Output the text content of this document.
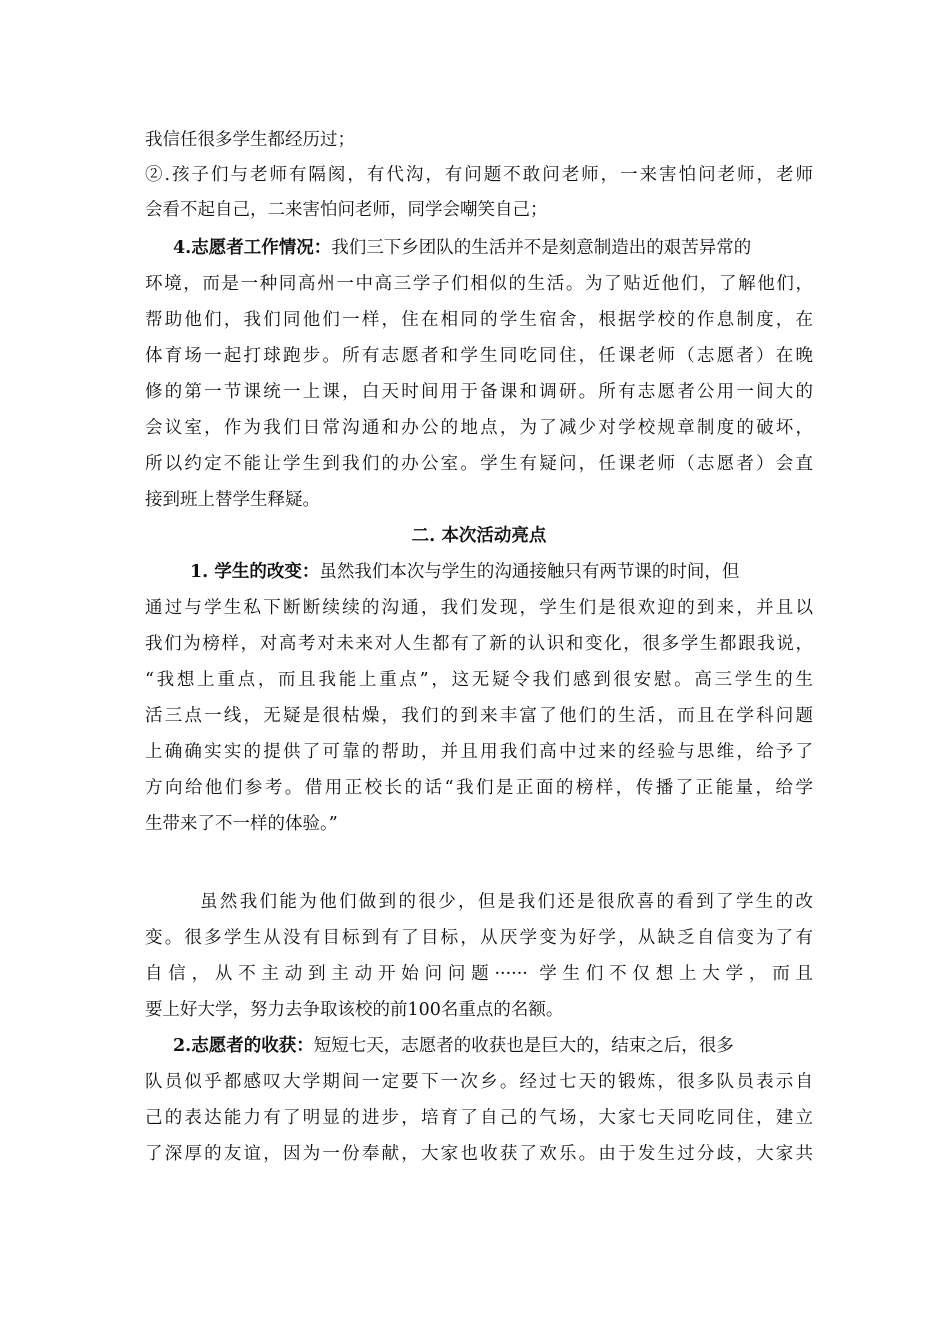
我信任很多学生都经历过；
②.孩子们与老师有隔阂，有代沟，有问题不敢问老师，一来害怕问老师，老师
会看不起自己，二来害怕问老师，同学会嘲笑自己；
4.志愿者工作情况：我们三下乡团队的生活并不是刻意制造出的艰苦异常的
环境，而是一种同高州一中高三学子们相似的生活。为了贴近他们，了解他们，
帮助他们，我们同他们一样，住在相同的学生宿舍，根据学校的作息制度，在
体育场一起打球跑步。所有志愿者和学生同吃同住，任课老师（志愿者）在晚
修的第一节课统一上课，白天时间用于备课和调研。所有志愿者公用一间大的
会议室，作为我们日常沟通和办公的地点，为了减少对学校规章制度的破坏，
所以约定不能让学生到我们的办公室。学生有疑问，任课老师（志愿者）会直
接到班上替学生释疑。
二. 本次活动亮点
1. 学生的改变：虽然我们本次与学生的沟通接触只有两节课的时间，但
通过与学生私下断断续续的沟通，我们发现，学生们是很欢迎的到来，并且以
我们为榜样，对高考对未来对人生都有了新的认识和变化，很多学生都跟我说，
“我想上重点，而且我能上重点”，这无疑令我们感到很安慰。高三学生的生
活三点一线，无疑是很枯燥，我们的到来丰富了他们的生活，而且在学科问题
上确确实实的提供了可靠的帮助，并且用我们高中过来的经验与思维，给予了
方向给他们参考。借用正校长的话“我们是正面的榜样，传播了正能量，给学
生带来了不一样的体验。”
虽然我们能为他们做到的很少，但是我们还是很欣喜的看到了学生的改
变。很多学生从没有目标到有了目标，从厌学变为好学，从缺乏自信变为了有
自信，从不主动到主动开始问问题······ 学生们不仅想上大学，而且
要上好大学，努力去争取该校的前100名重点的名额。
2.志愿者的收获：短短七天，志愿者的收获也是巨大的，结束之后，很多
队员似乎都感叹大学期间一定要下一次乡。经过七天的锻炼，很多队员表示自
己的表达能力有了明显的进步，培育了自己的气场，大家七天同吃同住，建立
了深厚的友谊，因为一份奉献，大家也收获了欢乐。由于发生过分歧，大家共
